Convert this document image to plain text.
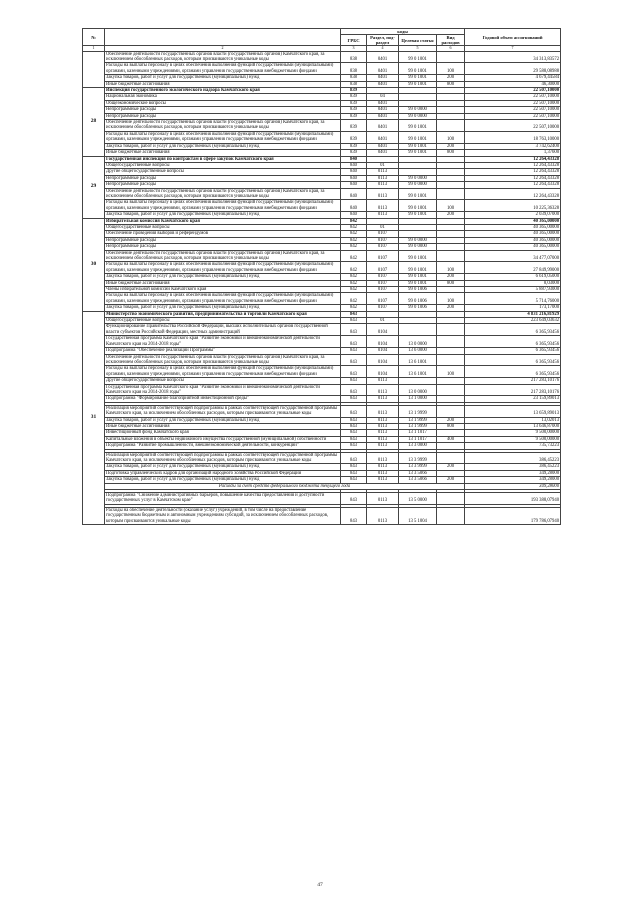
№		коды				Годовой объем ассигнований
		ГРБС	Раздел, под-раздел	Целевая статья	Вид расходов	
1	2	3	4	5	6	7
	Обеспечение деятельности государственных органов власти (государственных органов) Камчатского края, за исключением обособленных расходов, которым присваиваются уникальные коды	838	0401	99 0 1001		34 313,83572
	Расходы на выплаты персоналу в целях обеспечения выполнения функций государственными (муниципальными) органами, казенными учреждениями, органами управления государственными внебюджетными фондами	838	0401	99 0 1001	100	29 588,08988
	Закупка товаров, работ и услуг для государственных (муниципальных) нужд	838	0401	99 0 1001	200	4 679,44584
	Иные бюджетные ассигнования	838	0401	99 0 1001	800	46,30000
28	Инспекция государственного экологического надзора Камчатского края	839				22 507,10000
	Национальная экономика	839	04			22 507,10000
	Общеэкономические вопросы	839	0401			22 507,10000
	Непрограммные расходы	839	0401	99 0 0000		22 507,10000
	Непрограммные расходы	839	0401	99 0 0000		22 507,10000
	Обеспечение деятельности государственных органов власти (государственных органов) Камчатского края, за исключением обособленных расходов, которым присваиваются уникальные коды	839	0401	99 0 1001		22 507,10000
	Расходы на выплаты персоналу в целях обеспечения выполнения функций государственными (муниципальными) органами, казенными учреждениями, органами управления государственными внебюджетными фондами	839	0401	99 0 1001	100	18 763,10000
	Закупка товаров, работ и услуг для государственных (муниципальных) нужд	839	0401	99 0 1001	200	3 742,62400
	Иные бюджетные ассигнования	839	0401	99 0 1001	800	1,37600
29	Государственная инспекция по контрактам в сфере закупок Камчатского края	840				12 264,43328
	Общегосударственные вопросы	840	01			12 264,43328
	Другие общегосударственные вопросы	840	0113			12 264,43328
	Непрограммные расходы	840	0113	99 0 0000		12 264,43328
	Непрограммные расходы	840	0113	99 0 0000		12 264,43328
	Обеспечение деятельности государственных органов власти (государственных органов) Камчатского края, за исключением обособленных расходов, которым присваиваются уникальные коды	840	0113	99 0 1001		12 264,43328
	Расходы на выплаты персоналу в целях обеспечения выполнения функций государственными (муниципальными) органами, казенными учреждениями, органами управления государственными внебюджетными фондами	840	0113	99 0 1001	100	10 225,36328
	Закупка товаров, работ и услуг для государственных (муниципальных) нужд	840	0113	99 0 1001	200	2 039,07000
30	Избирательная комиссия Камчатского края	842				40 365,00000
	Общегосударственные вопросы	842	01			40 365,00000
	Обеспечение проведения выборов и референдумов	842	0107			40 365,00000
	Непрограммные расходы	842	0107	99 0 0000		40 365,00000
	Непрограммные расходы	842	0107	99 0 0000		40 365,00000
	Обеспечение деятельности государственных органов власти (государственных органов) Камчатского края, за исключением обособленных расходов, которым присваиваются уникальные коды	842	0107	99 0 1001		34 477,07000
	Расходы на выплаты персоналу в целях обеспечения выполнения функций государственными (муниципальными) органами, казенными учреждениями, органами управления государственными внебюджетными фондами	842	0107	99 0 1001	100	27 849,99000
	Закупка товаров, работ и услуг для государственных (муниципальных) нужд	842	0107	99 0 1001	200	6 619,05000
	Иные бюджетные ассигнования	842	0107	99 0 1001	800	8,03000
	Члены избирательной комиссии Камчатского края	842	0107	99 0 1006		5 887,93000
	Расходы на выплаты персоналу в целях обеспечения выполнения функций государственными (муниципальными) органами, казенными учреждениями, органами управления государственными внебюджетными фондами	842	0107	99 0 1006	100	5 714,76000
	Закупка товаров, работ и услуг для государственных (муниципальных) нужд	842	0107	99 0 1006	200	173,17000
31	Министерство экономического развития, предпринимательства и торговли Камчатского края	843				4 831 216,81929
	Общегосударственные вопросы	843	01			223 649,03632
	Функционирование Правительства Российской Федерации, высших исполнительных органов государственной власти субъектов Российской Федерации, местных администраций	843	0104			6 365,93456
	Государственная программа Камчатского края "Развитие экономики и внешнеэкономической деятельности Камчатского края на 2014-2018 годы"	843	0104	13 0 0000		6 365,93456
	Подпрограмма "Обеспечение реализации Программы"	843	0104	13 6 0000		6 365,93456
	Обеспечение деятельности государственных органов власти (государственных органов) Камчатского края, за исключением обособленных расходов, которым присваиваются уникальные коды	843	0104	13 6 1001		6 365,93456
	Расходы на выплаты персоналу в целях обеспечения выполнения функций государственными (муниципальными) органами, казенными учреждениями, органами управления государственными внебюджетными фондами	843	0104	13 6 1001	100	6 365,93456
	Другие общегосударственные вопросы	843	0113			217 283,10176
	Государственная программа Камчатского края "Развитие экономики и внешнеэкономической деятельности Камчатского края на 2014-2018 годы"	843	0113	13 0 0000		217 283,10176
	Подпрограмма "Формирование благоприятной инвестиционной среды"	843	0113	13 1 0000		23 159,89013

	Реализация мероприятий соответствующей подпрограммы в рамках соответствующей государственной программы Камчатского края, за исключением обособленных расходов, которым присваиваются уникальные коды	843	0113	13 1 9999		13 659,89013
	Закупка товаров, работ и услуг для государственных (муниципальных) нужд	843	0113	13 1 9999	200	13,02013
	Иные бюджетные ассигнования	843	0113	13 1 9999	800	13 646,87000
	Инвестиционный фонд Камчатского края	843	0113	13 1 1017		9 500,00000
	Капитальные вложения в объекты недвижимого имущества государственной (муниципальной) собственности	843	0113	13 1 1017	400	9 500,00000
	Подпрограмма "Развитие промышленности, внешнеэкономической деятельности, конкуренции"	843	0113	13 3 0000		735,73223

	Реализация мероприятий соответствующей подпрограммы в рамках соответствующей государственной программы Камчатского края, за исключением обособленных расходов, которым присваиваются уникальные коды	843	0113	13 3 9999		386,45223
	Закупка товаров, работ и услуг для государственных (муниципальных) нужд	843	0113	13 3 9999	200	386,45223
	Подготовка управленческих кадров для организаций народного хозяйства Российской Федерации	843	0113	13 3 5066		349,28000
	Закупка товаров, работ и услуг для государственных (муниципальных) нужд	843	0113	13 3 5066	200	349,28000
	Расходы за счет средств федерального бюджета текущего года					349,28000

	Подпрограмма "Снижение административных барьеров, повышение качества предоставления и доступности государственных услуг в Камчатском крае"	843	0113	13 5 0000		193 388,07940

	Расходы на обеспечение деятельности (оказание услуг) учреждений, в том числе на предоставление государственным бюджетным и автономным учреждениям субсидий, за исключением обособленных расходов, которым присваиваются уникальные коды	843	0113	13 5 1004		179 786,07940
47
